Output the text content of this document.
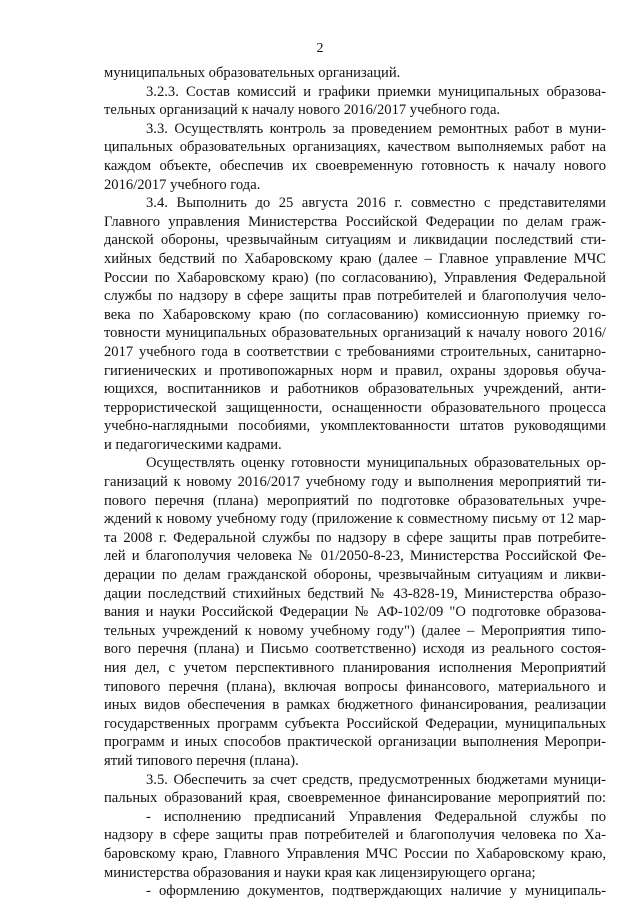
2
муниципальных образовательных организаций.
3.2.3. Состав комиссий и графики приемки муниципальных образова-
тельных организаций к началу нового 2016/2017 учебного года.
3.3. Осуществлять контроль за проведением ремонтных работ в муни-
ципальных образовательных организациях, качеством выполняемых работ на
каждом объекте, обеспечив их своевременную готовность к началу нового
2016/2017 учебного года.
3.4. Выполнить до 25 августа 2016 г. совместно с представителями
Главного управления Министерства Российской Федерации по делам граж-
данской обороны, чрезвычайным ситуациям и ликвидации последствий сти-
хийных бедствий по Хабаровскому краю (далее – Главное управление МЧС
России по Хабаровскому краю) (по согласованию), Управления Федеральной
службы по надзору в сфере защиты прав потребителей и благополучия чело-
века по Хабаровскому краю (по согласованию) комиссионную приемку го-
товности муниципальных образовательных организаций к началу нового 2016/
2017 учебного года в соответствии с требованиями строительных, санитарно-
гигиенических и противопожарных норм и правил, охраны здоровья обуча-
ющихся, воспитанников и работников образовательных учреждений, анти-
террористической защищенности, оснащенности образовательного процесса
учебно-наглядными пособиями, укомплектованности штатов руководящими
и педагогическими кадрами.
Осуществлять оценку готовности муниципальных образовательных ор-
ганизаций к новому 2016/2017 учебному году и выполнения мероприятий ти-
пового перечня (плана) мероприятий по подготовке образовательных учре-
ждений к новому учебному году (приложение к совместному письму от 12 мар-
та 2008 г. Федеральной службы по надзору в сфере защиты прав потребите-
лей и благополучия человека № 01/2050-8-23, Министерства Российской Фе-
дерации по делам гражданской обороны, чрезвычайным ситуациям и ликви-
дации последствий стихийных бедствий № 43-828-19, Министерства образо-
вания и науки Российской Федерации № АФ-102/09 "О подготовке образова-
тельных учреждений к новому учебному году") (далее – Мероприятия типо-
вого перечня (плана) и Письмо соответственно) исходя из реального состоя-
ния дел, с учетом перспективного планирования исполнения Мероприятий
типового перечня (плана), включая вопросы финансового, материального и
иных видов обеспечения в рамках бюджетного финансирования, реализации
государственных программ субъекта Российской Федерации, муниципальных
программ и иных способов практической организации выполнения Меропри-
ятий типового перечня (плана).
3.5. Обеспечить за счет средств, предусмотренных бюджетами муници-
пальных образований края, своевременное финансирование мероприятий по:
- исполнению предписаний Управления Федеральной службы по
надзору в сфере защиты прав потребителей и благополучия человека по Ха-
баровскому краю, Главного Управления МЧС России по Хабаровскому краю,
министерства образования и науки края как лицензирующего органа;
- оформлению документов, подтверждающих наличие у муниципаль-
